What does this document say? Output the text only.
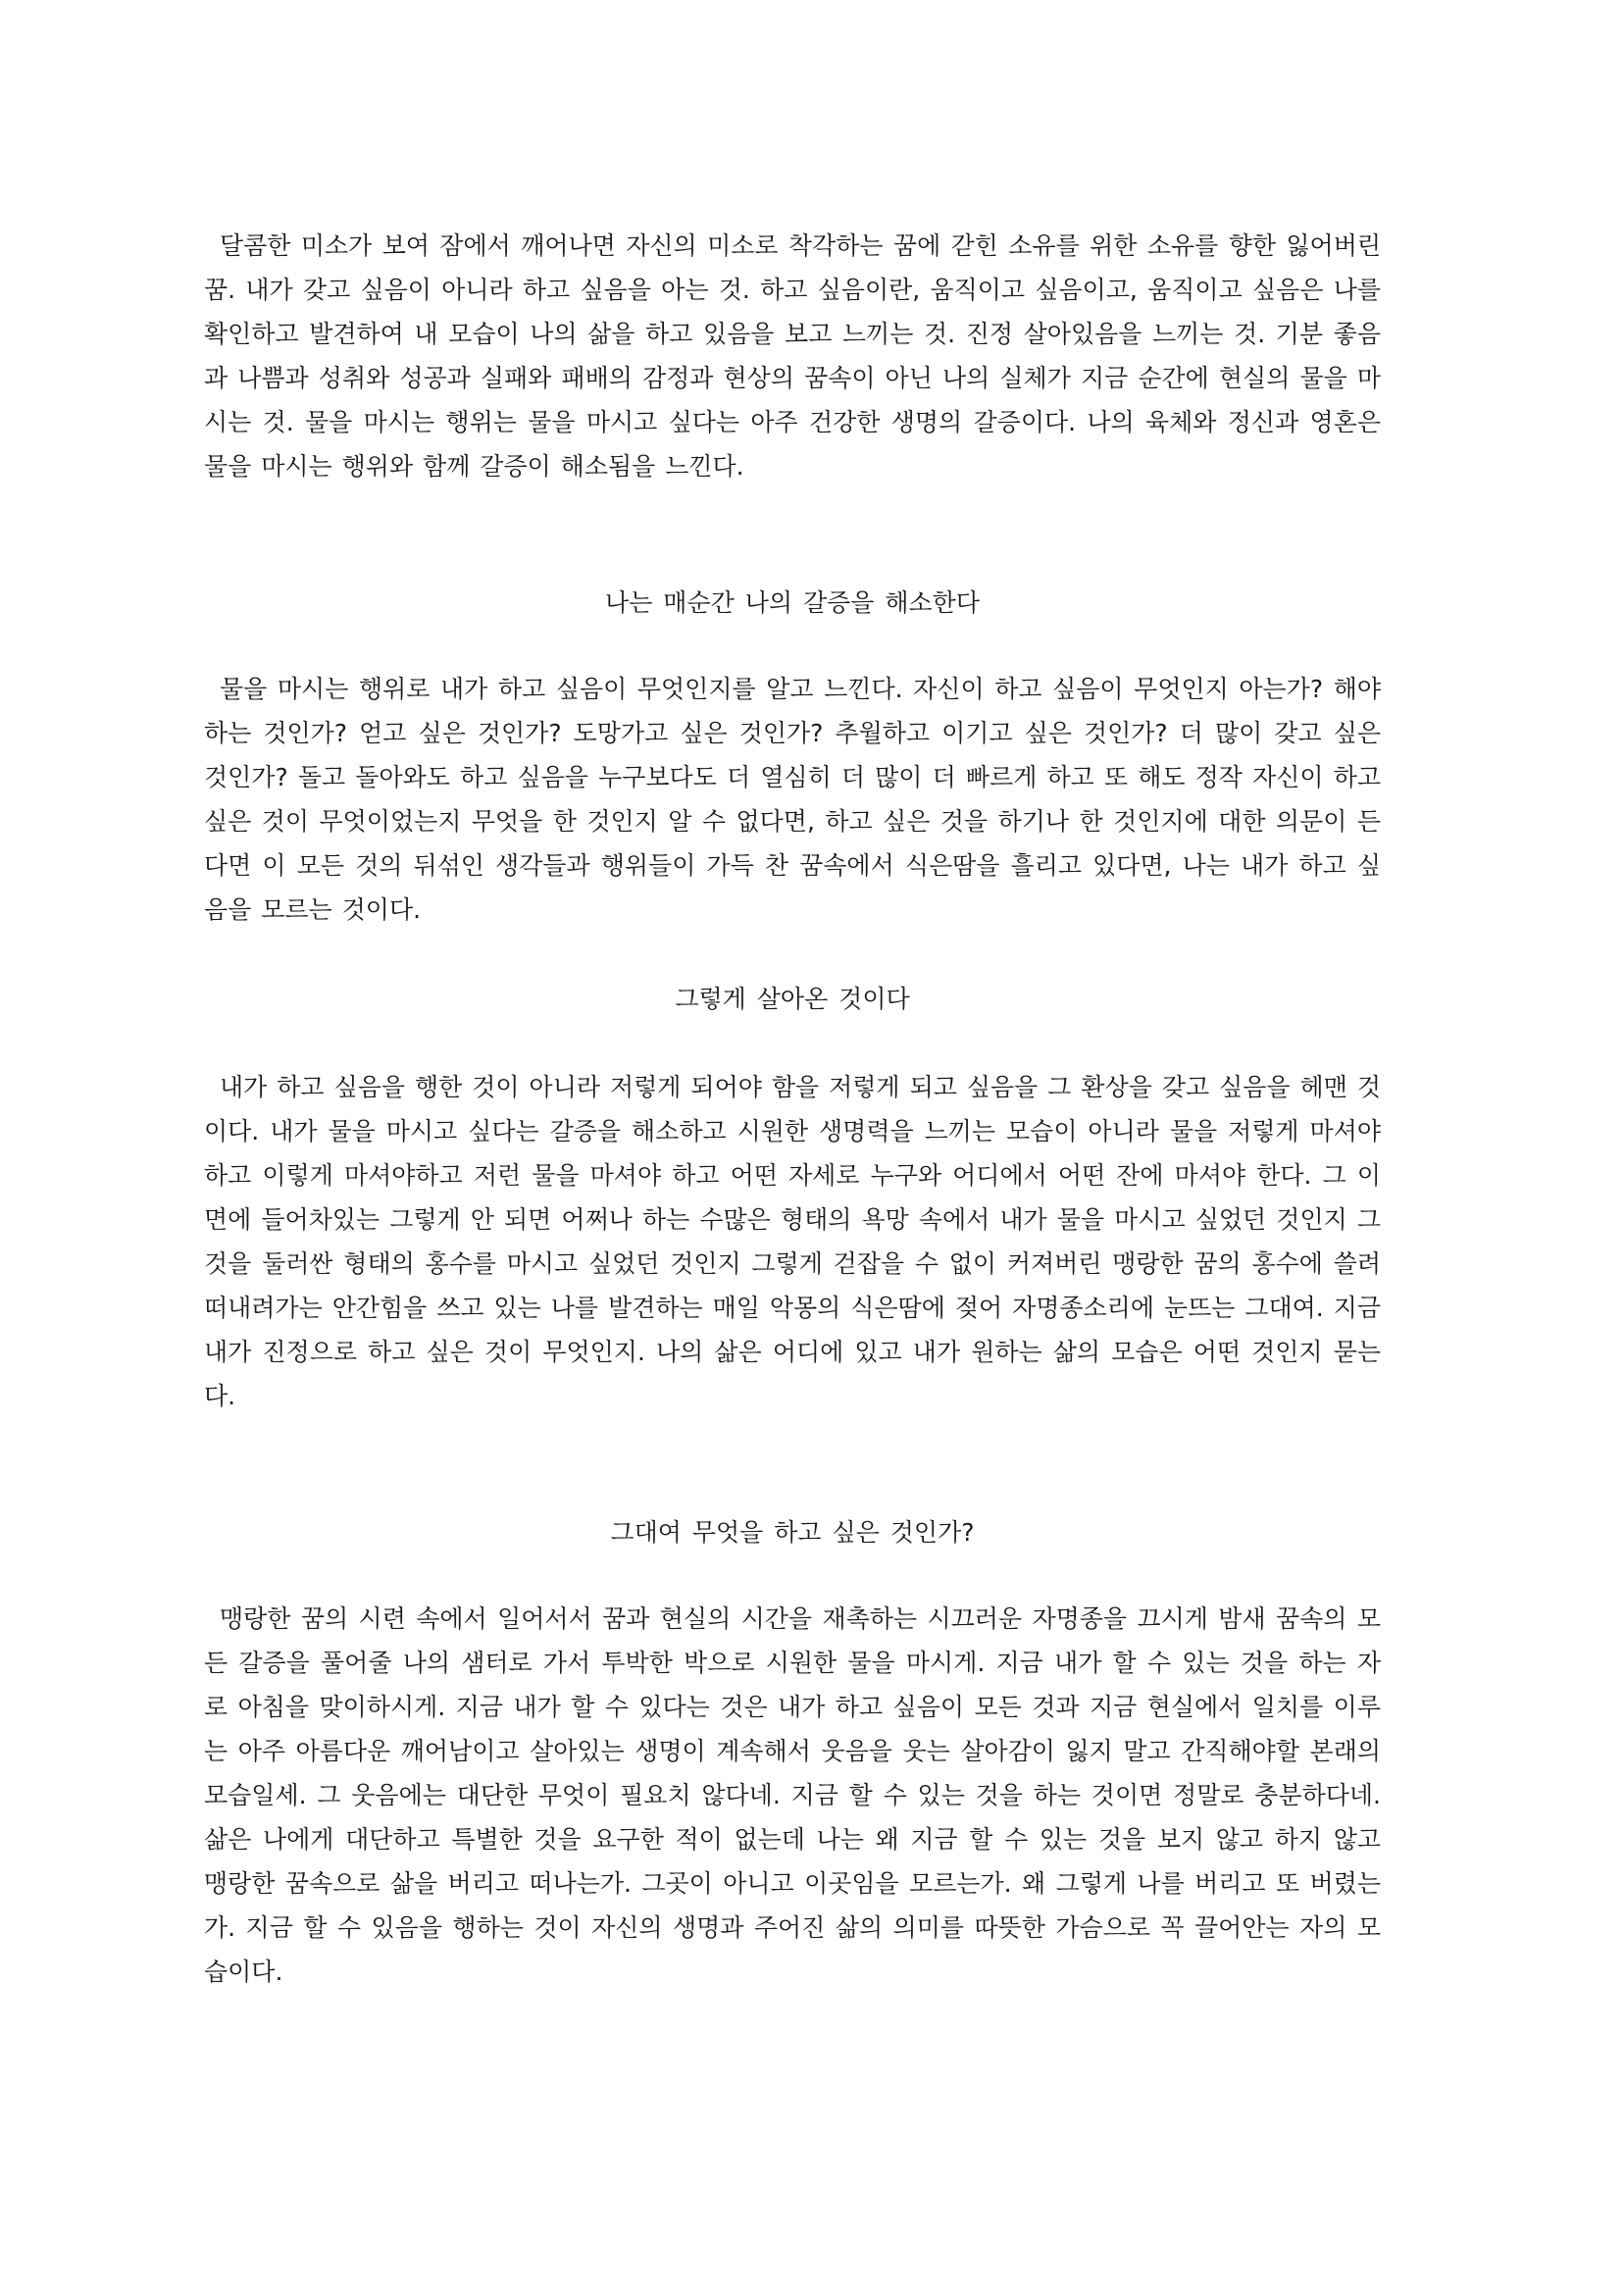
달콤한 미소가 보여 잠에서 깨어나면 자신의 미소로 착각하는 꿈에 갇힌 소유를 위한 소유를 향한 잃어버린 꿈. 내가 갖고 싶음이 아니라 하고 싶음을 아는 것. 하고 싶음이란, 움직이고 싶음이고, 움직이고 싶음은 나를 확인하고 발견하여 내 모습이 나의 삶을 하고 있음을 보고 느끼는 것. 진정 살아있음을 느끼는 것. 기분 좋음과 나쁨과 성취와 성공과 실패와 패배의 감정과 현상의 꿈속이 아닌 나의 실체가 지금 순간에 현실의 물을 마시는 것. 물을 마시는 행위는 물을 마시고 싶다는 아주 건강한 생명의 갈증이다. 나의 육체와 정신과 영혼은 물을 마시는 행위와 함께 갈증이 해소됨을 느낀다.

나는 매순간 나의 갈증을 해소한다

물을 마시는 행위로 내가 하고 싶음이 무엇인지를 알고 느낀다. 자신이 하고 싶음이 무엇인지 아는가? 해야 하는 것인가? 얻고 싶은 것인가? 도망가고 싶은 것인가? 추월하고 이기고 싶은 것인가? 더 많이 갖고 싶은 것인가? 돌고 돌아와도 하고 싶음을 누구보다도 더 열심히 더 많이 더 빠르게 하고 또 해도 정작 자신이 하고 싶은 것이 무엇이었는지 무엇을 한 것인지 알 수 없다면, 하고 싶은 것을 하기나 한 것인지에 대한 의문이 든다면 이 모든 것의 뒤섞인 생각들과 행위들이 가득 찬 꿈속에서 식은땀을 흘리고 있다면, 나는 내가 하고 싶음을 모르는 것이다.

그렇게 살아온 것이다

내가 하고 싶음을 행한 것이 아니라 저렇게 되어야 함을 저렇게 되고 싶음을 그 환상을 갖고 싶음을 헤맨 것이다. 내가 물을 마시고 싶다는 갈증을 해소하고 시원한 생명력을 느끼는 모습이 아니라 물을 저렇게 마셔야하고 이렇게 마셔야하고 저런 물을 마셔야 하고 어떤 자세로 누구와 어디에서 어떤 잔에 마셔야 한다. 그 이면에 들어차있는 그렇게 안 되면 어쩌나 하는 수많은 형태의 욕망 속에서 내가 물을 마시고 싶었던 것인지 그것을 둘러싼 형태의 홍수를 마시고 싶었던 것인지 그렇게 걷잡을 수 없이 커져버린 맹랑한 꿈의 홍수에 쓸려 떠내려가는 안간힘을 쓰고 있는 나를 발견하는 매일 악몽의 식은땀에 젖어 자명종소리에 눈뜨는 그대여. 지금 내가 진정으로 하고 싶은 것이 무엇인지. 나의 삶은 어디에 있고 내가 원하는 삶의 모습은 어떤 것인지 묻는다.

그대여 무엇을 하고 싶은 것인가?

맹랑한 꿈의 시련 속에서 일어서서 꿈과 현실의 시간을 재촉하는 시끄러운 자명종을 끄시게 밤새 꿈속의 모든 갈증을 풀어줄 나의 샘터로 가서 투박한 박으로 시원한 물을 마시게. 지금 내가 할 수 있는 것을 하는 자로 아침을 맞이하시게. 지금 내가 할 수 있다는 것은 내가 하고 싶음이 모든 것과 지금 현실에서 일치를 이루는 아주 아름다운 깨어남이고 살아있는 생명이 계속해서 웃음을 웃는 살아감이 잃지 말고 간직해야할 본래의 모습일세. 그 웃음에는 대단한 무엇이 필요치 않다네. 지금 할 수 있는 것을 하는 것이면 정말로 충분하다네. 삶은 나에게 대단하고 특별한 것을 요구한 적이 없는데 나는 왜 지금 할 수 있는 것을 보지 않고 하지 않고 맹랑한 꿈속으로 삶을 버리고 떠나는가. 그곳이 아니고 이곳임을 모르는가. 왜 그렇게 나를 버리고 또 버렸는가. 지금 할 수 있음을 행하는 것이 자신의 생명과 주어진 삶의 의미를 따뜻한 가슴으로 꼭 끌어안는 자의 모습이다.
